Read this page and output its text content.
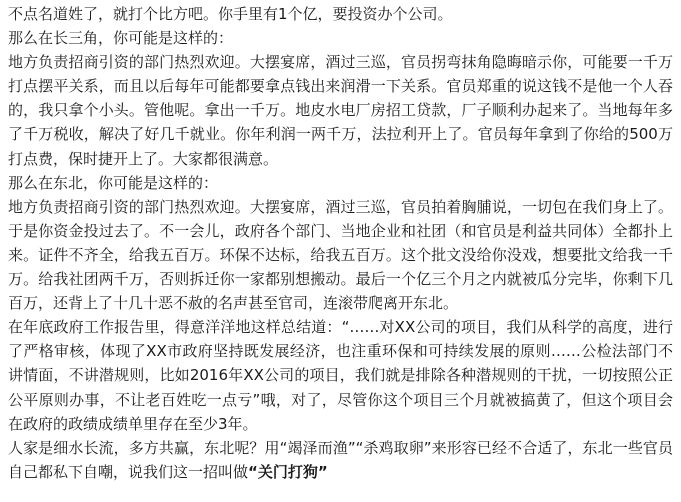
不点名道姓了，就打个比方吧。你手里有1个亿，要投资办个公司。

那么在长三角，你可能是这样的：

地方负责招商引资的部门热烈欢迎。大摆宴席，酒过三巡，官员拐弯抹角隐晦暗示你，可能要一千万打点摆平关系，而且以后每年可能都要拿点钱出来润滑一下关系。官员郑重的说这钱不是他一个人吞的，我只拿个小头。管他呢。拿出一千万。地皮水电厂房招工贷款，厂子顺利办起来了。当地每年多了千万税收，解决了好几千就业。你年利润一两千万，法拉利开上了。官员每年拿到了你给的500万打点费，保时捷开上了。大家都很满意。

那么在东北，你可能是这样的：

地方负责招商引资的部门热烈欢迎。大摆宴席，酒过三巡，官员拍着胸脯说，一切包在我们身上了。于是你资金投过去了。不一会儿，政府各个部门、当地企业和社团（和官员是利益共同体）全都扑上来。证件不齐全，给我五百万。环保不达标，给我五百万。这个批文没给你没戏，想要批文给我一千万。给我社团两千万，否则拆迁你一家都别想搬动。最后一个亿三个月之内就被瓜分完毕，你剩下几百万，还背上了十几十恶不赦的名声甚至官司，连滚带爬离开东北。

在年底政府工作报告里，得意洋洋地这样总结道：“……对XX公司的项目，我们从科学的高度，进行了严格审核，体现了XX市政府坚持既发展经济，也注重环保和可持续发展的原则……公检法部门不讲情面，不讲潜规则，比如2016年XX公司的项目，我们就是排除各种潜规则的干扰，一切按照公正公平原则办事，不让老百姓吃一点亏”哦，对了，尽管你这个项目三个月就被搞黄了，但这个项目会在政府的政绩成绩单里存在至少3年。

人家是细水长流，多方共赢，东北呢？用“竭泽而渔”“杀鸡取卵”来形容已经不合适了，东北一些官员自己都私下自嘲，说我们这一招叫做“关门打狗”
